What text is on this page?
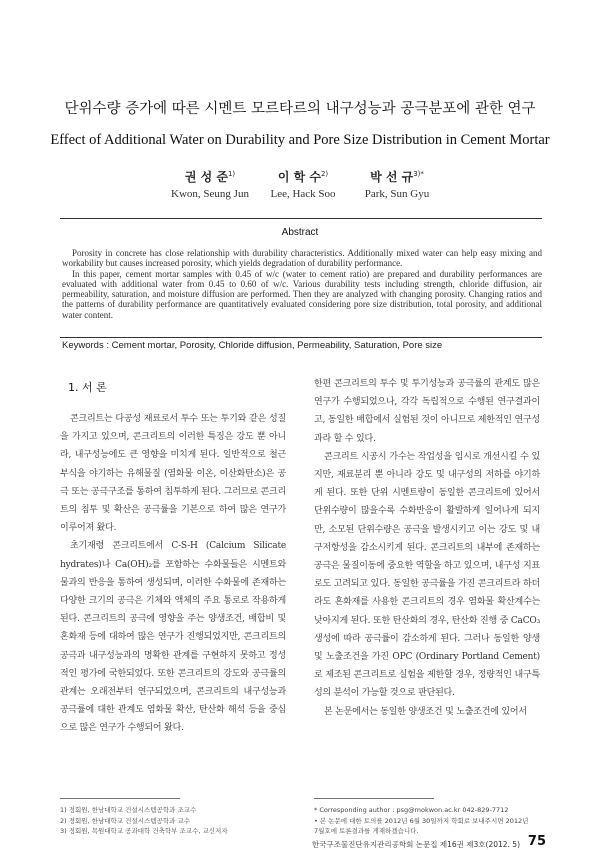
단위수량 증가에 따른 시멘트 모르타르의 내구성능과 공극분포에 관한 연구
Effect of Additional Water on Durability and Pore Size Distribution in Cement Mortar
권 성 준$^{1)}$
Kwon, Seung Jun
이 학 수$^{2)}$
Lee, Hack Soo
박 선 규$^{3)*}$
Park, Sun Gyu
Abstract

Porosity in concrete has close relationship with durability characteristics. Additionally mixed water can help easy mixing and workability but causes increased porosity, which yields degradation of durability performance.

In this paper, cement mortar samples with 0.45 of w/c (water to cement ratio) are prepared and durability performances are evaluated with additional water from 0.45 to 0.60 of w/c. Various durability tests including strength, chloride diffusion, air permeability, saturation, and moisture diffusion are performed. Then they are analyzed with changing porosity. Changing ratios and the patterns of durability performance are quantitatively evaluated considering pore size distribution, total porosity, and additional water content.

Keywords : Cement mortar, Porosity, Chloride diffusion, Permeability, Saturation, Pore size
1. 서 론

콘크리트는 다공성 재료로서 투수 또는 투기와 같은 성질을 가지고 있으며, 콘크리트의 이러한 특징은 강도 뿐 아니라, 내구성능에도 큰 영향을 미치게 된다. 일반적으로 철근부식을 야기하는 유해물질 (염화물 이온, 이산화탄소)은 공극 또는 공극구조를 통하여 침투하게 된다. 그러므로 콘크리트의 침투 및 확산은 공극률을 기본으로 하여 많은 연구가 이루어져 왔다.

초기재령 콘크리트에서 C-S-H (Calcium Silicate hydrates)나 Ca(OH)₂를 포함하는 수화물들은 시멘트와 물과의 반응을 통하여 생성되며, 이러한 수화물에 존재하는 다양한 크기의 공극은 기체와 액체의 주요 통로로 작용하게 된다. 콘크리트의 공극에 영향을 주는 양생조건, 배합비 및 혼화재 등에 대하여 많은 연구가 진행되었지만, 콘크리트의 공극과 내구성능과의 명확한 관계를 구현하지 못하고 정성적인 평가에 국한되었다. 또한 콘크리트의 강도와 공극률의 관계는 오래전부터 연구되었으며, 콘크리트의 내구성능과 공극률에 대한 관계도 염화물 확산, 탄산화 해석 등을 중심으로 많은 연구가 수행되어 왔다.

한편 콘크리트의 투수 및 투기성능과 공극률의 관계도 많은 연구가 수행되었으나, 각각 독립적으로 수행된 연구결과이고, 동일한 배합에서 실험된 것이 아니므로 제한적인 연구성과라 할 수 있다.

콘크리트 시공시 가수는 작업성을 임시로 개선시킬 수 있지만, 재료분리 뿐 아니라 강도 및 내구성의 저하를 야기하게 된다. 또한 단위 시멘트량이 동일한 콘크리트에 있어서 단위수량이 많을수록 수화반응이 활발하게 일어나게 되지만, 소모된 단위수량은 공극을 발생시키고 이는 강도 및 내구저항성을 감소시키게 된다. 콘크리트의 내부에 존재하는 공극은 물질이동에 중요한 역할을 하고 있으며, 내구성 지표로도 고려되고 있다. 동일한 공극률을 가진 콘크리트라 하더라도 혼화재를 사용한 콘크리트의 경우 염화물 확산계수는 낮아지게 된다. 또한 탄산화의 경우, 탄산화 진행 중 CaCO₃ 생성에 따라 공극률이 감소하게 된다. 그러나 동일한 양생 및 노출조건을 가진 OPC (Ordinary Portland Cement)로 제조된 콘크리트로 실험을 제한할 경우, 정량적인 내구특성의 분석이 가능할 것으로 판단된다.

본 논문에서는 동일한 양생조건 및 노출조건에 있어서

1) 정회원, 한남대학교 건설시스템공학과 조교수
2) 정회원, 한남대학교 건설시스템공학과 교수
3) 정회원, 목원대학교 공과대학 건축학부 조교수, 교신저자
* Corresponding author : psg@mokwon.ac.kr 042-829-7712
• 본 논문에 대한 토의를 2012년 6월 30일까지 학회로 보내주시면 2012년
7월호에 토론결과를 게재하겠습니다.
한국구조물진단유지관리공학회 논문집 제16권 제3호(2012. 5) 75
